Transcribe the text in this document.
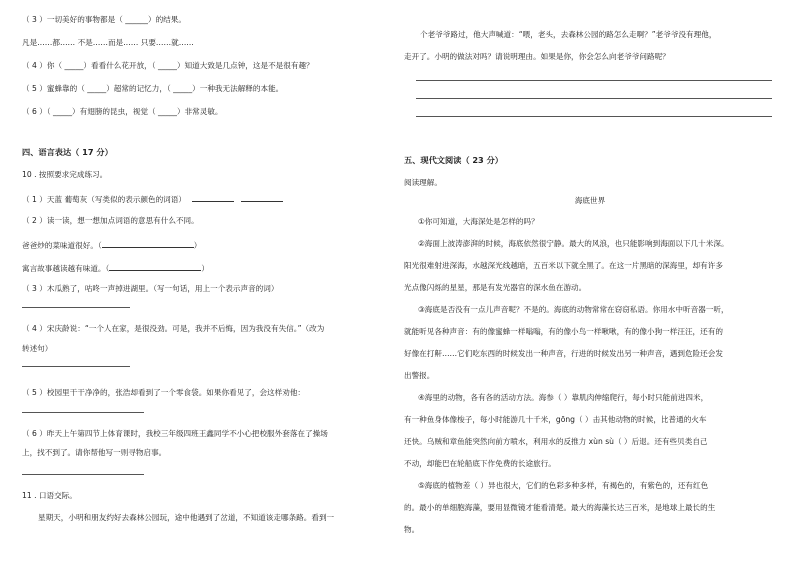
（ 3 ）一切美好的事物都是（ ______）的结果。
凡是……都…… 不是……而是…… 只要……就……
（ 4 ）你（ _____）看看什么花开放，（ _____）知道大致是几点钟，这是不是很有趣？
（ 5 ）蜜蜂靠的（ _____）超常的记忆力，（ _____）一种我无法解释的本能。
（ 6 ）（ _____）有翅膀的昆虫，视觉（ _____）非常灵敏。
四、语言表达（ 17 分）
10 . 按照要求完成练习。
（ 1 ）天蓝 葡萄灰（写类似的表示颜色的词语）
（ 2 ）读一读，想一想加点词语的意思有什么不同。
爸爸炒的菜味道很好。（	）
寓言故事越读越有味道。（	）
（ 3 ）木瓜熟了，咕咚一声掉进湖里。（写一句话，用上一个表示声音的词）
（ 4 ）宋庆龄说：“一个人在家，是很没劲。可是，我并不后悔，因为我没有失信。”（改为
转述句）
（ 5 ）校园里干干净净的，张浩却看到了一个零食袋。如果你看见了，会这样劝他：
（ 6 ）昨天上午第四节上体育课时，我校三年级四班王鑫同学不小心把校服外套落在了操场
上，找不到了。请你帮他写一则寻物启事。
11 . 口语交际。
星期天，小明和朋友约好去森林公园玩，途中他遇到了岔道，不知道该走哪条路。看到一
个老爷爷路过，他大声喊道：“喂，老头，去森林公园的路怎么走啊？”老爷爷没有理他，
走开了。小明的做法对吗？请说明理由。如果是你，你会怎么向老爷爷问路呢？
五、现代文阅读（ 23 分）
阅读理解。
海底世界
①你可知道，大海深处是怎样的吗？
②海面上波涛澎湃的时候，海底依然很宁静。最大的风浪，也只能影响到海面以下几十米深。
阳光很难射进深海，水越深光线越暗，五百米以下就全黑了。在这一片黑暗的深海里，却有许多
光点像闪烁的星星，那是有发光器官的深水鱼在游动。
③海底是否没有一点儿声音呢？不是的。海底的动物常常在窃窃私语。你用水中听音器一听，
就能听见各种声音：有的像蜜蜂一样嗡嗡，有的像小鸟一样啾啾，有的像小狗一样汪汪，还有的
好像在打鼾……它们吃东西的时候发出一种声音，行进的时候发出另一种声音，遇到危险还会发
出警报。
④海里的动物，各有各的活动方法。海参（ ）靠肌肉伸缩爬行，每小时只能前进四米，
有一种鱼身体像梭子，每小时能游几十千米，gōng（ ）击其他动物的时候，比普通的火车
还快。乌贼和章鱼能突然向前方喷水，利用水的反推力 xùn sù（ ）后退。还有些贝类自己
不动，却能巴在轮船底下作免费的长途旅行。
⑤海底的植物差（ ）异也很大，它们的色彩多种多样，有褐色的，有紫色的，还有红色
的。最小的单细胞海藻，要用显微镜才能看清楚。最大的海藻长达三百米，是地球上最长的生
物。
